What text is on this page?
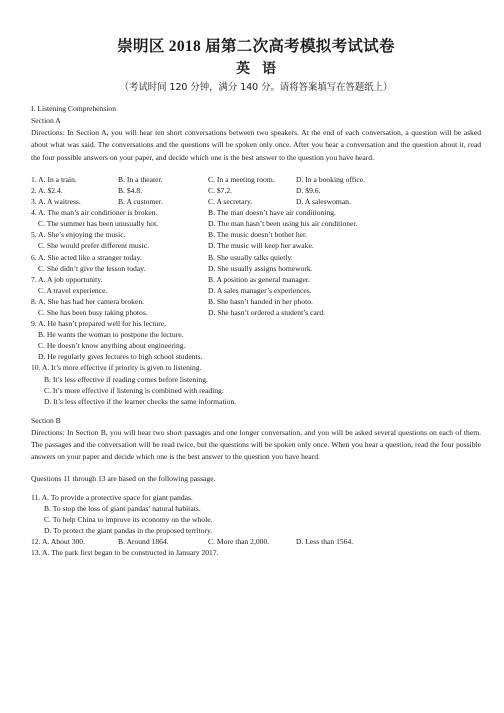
崇明区 2018 届第二次高考模拟考试试卷
英语
（考试时间 120 分钟，满分 140 分。请将答案填写在答题纸上）
I. Listening Comprehension
Section A
Directions: In Section A, you will hear ten short conversations between two speakers. At the end of each conversation, a question will be asked about what was said. The conversations and the questions will be spoken only once. After you hear a conversation and the question about it, read the four possible answers on your paper, and decide which one is the best answer to the question you have heard.
1. A. In a train.	B. In a theater.	C. In a meeting room.	D. In a booking office.
2. A. $2.4.	B. $4.8.	C. $7.2.	D. $9.6.
3. A. A waitress.	B. A customer.	C. A secretary.	D. A saleswoman.
4. A. The man’s air conditioner is broken.	B. The man doesn’t have air conditioning.
C. The summer has been unusually hot.	D. The man hasn’t been using his air conditioner.
5. A. She’s enjoying the music.	B. The music doesn’t bother her.
C. She would prefer different music.	D. The music will keep her awake.
6. A. She acted like a stranger today.	B. She usually talks quietly.
C. She didn’t give the lesson today.	D. She usually assigns homework.
7. A. A job opportunity.	B. A position as general manager.
C. A travel experience.	D. A sales manager’s experiences.
8. A. She has had her camera broken.	B. She hasn’t handed in her photo.
C. She has been busy taking photos.	D. She hasn’t ordered a student’s card.
9. A. He hasn’t prepared well for his lecture.
B. He wants the woman to postpone the lecture.
C. He doesn’t know anything about engineering.
D. He regularly gives lectures to high school students.
10. A. It’s more effective if priority is given to listening.
B. It’s less effective if reading comes before listening.
C. It’s more effective if listening is combined with reading.
D. It’s less effective if the learner checks the same information.
Section B
Directions: In Section B, you will hear two short passages and one longer conversation, and you will be asked several questions on each of them. The passages and the conversation will be read twice, but the questions will be spoken only once. When you hear a question, read the four possible answers on your paper and decide which one is the best answer to the question you have heard.
Questions 11 through 13 are based on the following passage.
11. A. To provide a protective space for giant pandas.
B. To stop the loss of giant pandas’ natural habitats.
C. To help China to improve its economy on the whole.
D. To protect the giant pandas in the proposed territory.
12. A. About 300.	B. Around 1864.	C. More than 2,000.	D. Less than 1564.
13. A. The park first began to be constructed in January 2017.
